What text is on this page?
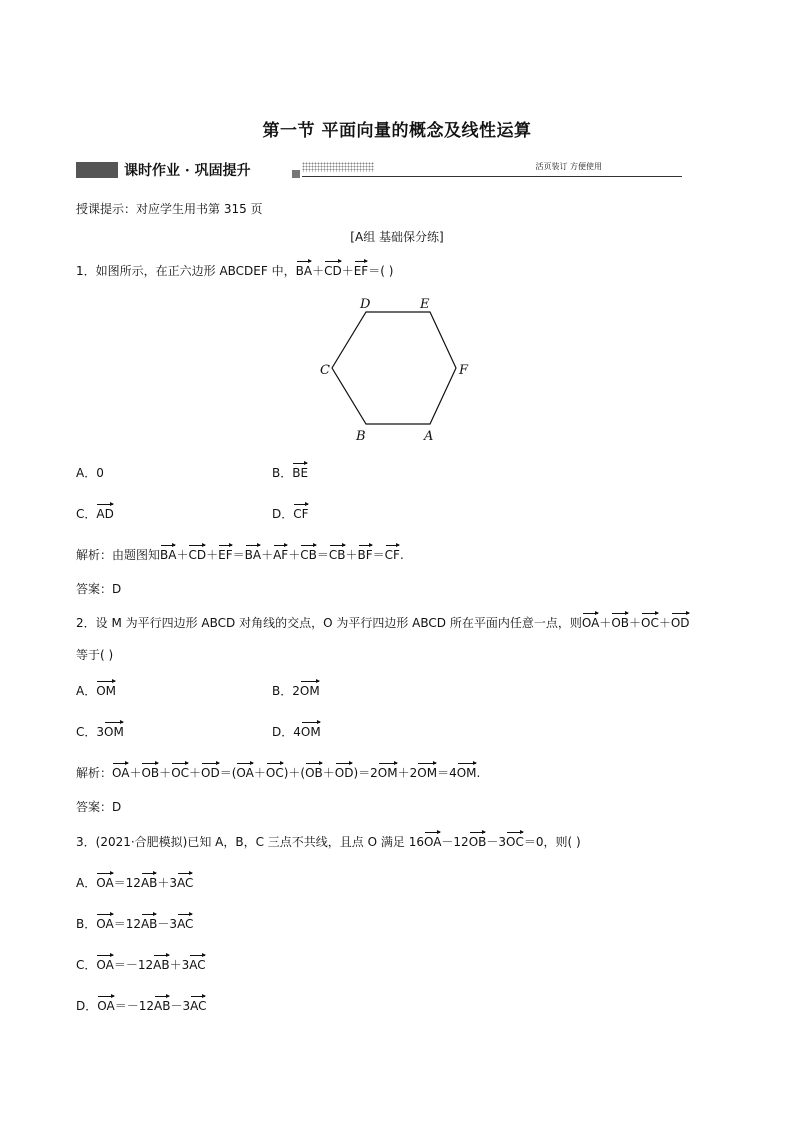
第一节 平面向量的概念及线性运算
课时作业 · 巩固提升	活页装订 方便使用
授课提示：对应学生用书第 315 页
[A组 基础保分练]
1．如图所示，在正六边形 ABCDEF 中，BA＋CD＋EF＝( )
D	E
F
A
B
C
A．0	B．BE
C．AD	D．CF
解析：由题图知BA＋CD＋EF＝BA＋AF＋CB＝CB＋BF＝CF.
答案：D
2．设 M 为平行四边形 ABCD 对角线的交点，O 为平行四边形 ABCD 所在平面内任意一点，则OA＋OB＋OC＋OD
等于( )
A．OM	B．2OM
C．3OM	D．4OM
解析：OA＋OB＋OC＋OD＝(OA＋OC)＋(OB＋OD)＝2OM＋2OM＝4OM.
答案：D
3．(2021·合肥模拟)已知 A，B，C 三点不共线，且点 O 满足 16OA－12OB－3OC＝0，则( )
A．OA＝12AB＋3AC
B．OA＝12AB－3AC
C．OA＝－12AB＋3AC
D．OA＝－12AB－3AC
